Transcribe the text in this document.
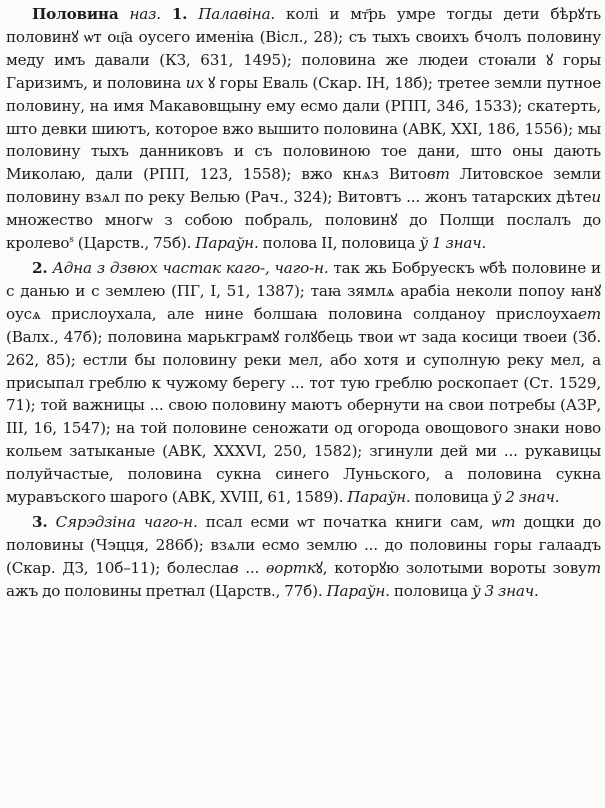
Половина наз. 1. Палавіна. колі и мт҃рь умре тогды дети бѣрꙋть половинꙋ ѡт оц҃а оусего именiꙗ (Вісл., 28); съ тыхъ своихъ бчолъ половину меду имъ давали (КЗ, 631, 1495); половина же людеи стоꙗли ꙋ горы Гаризимъ, и половина их ꙋ горы Еваль (Скар. ІН, 18б); третее земли путное половину, на имя Макавовщыну ему есмо дали (РПП, 346, 1533); скатерть, што девки шиютъ, которое вжо вышито половина (АВК, XXI, 186, 1556); мы половину тыхъ данниковъ и съ половиною тое дани, што оны дають Миколаю, дали (РПП, 123, 1558); вжо кнѧз Витовт Литовское земли половину взѧл по реку Велью (Рач., 324); Витовтъ ... жонъ татарских дѣтеи множество многѡ з собою побраль, половинꙋ до Полщи послалъ до кролево$^s$ (Царств., 75б). Параўн. полова II, половица ў 1 знач.

2. Адна з дзвюх частак каго-, чаго-н. так жь Бобруескъ ѡбѣ половине и с данью и с землею (ПГ, І, 51, 1387); таꙗ зямлѧ арабіа неколи попоу ꙗнꙋ оусѧ прислоухала, але нине болшаꙗ половина солданоу прислоухает (Валх., 47б); половина марькграмꙋ голꙋбець твои ѡт зада косици твоеи (Зб. 262, 85); естли бы половину реки мел, або хотя и суполную реку мел, а присыпал греблю к чужому берегу ... тот тую греблю роскопает (Ст. 1529, 71); той важницы ... свою половину маютъ обернути на свои потребы (АЗР, III, 16, 1547); на той половине сеножати од огорода овощового знаки ново кольем затыканые (АВК, XXXVI, 250, 1582); згинули дей ми ... рукавицы полуйчастые, половина сукна синего Луньского, а половина сукна муравъского шарого (АВК, XVIII, 61, 1589). Параўн. половица ў 2 знач.

3. Сярэдзіна чаго-н. псал есми ѡт початка книги сам, ѡт дощки до половины (Чэцця, 286б); взѧли есмо землю ... до половины горы галаадъ (Скар. ДЗ, 10б–11); болеслав ... ѳорткꙋ, которꙋю золотыми вороты зовут ажъ до половины претꙗл (Царств., 77б). Параўн. половица ў 3 знач.
